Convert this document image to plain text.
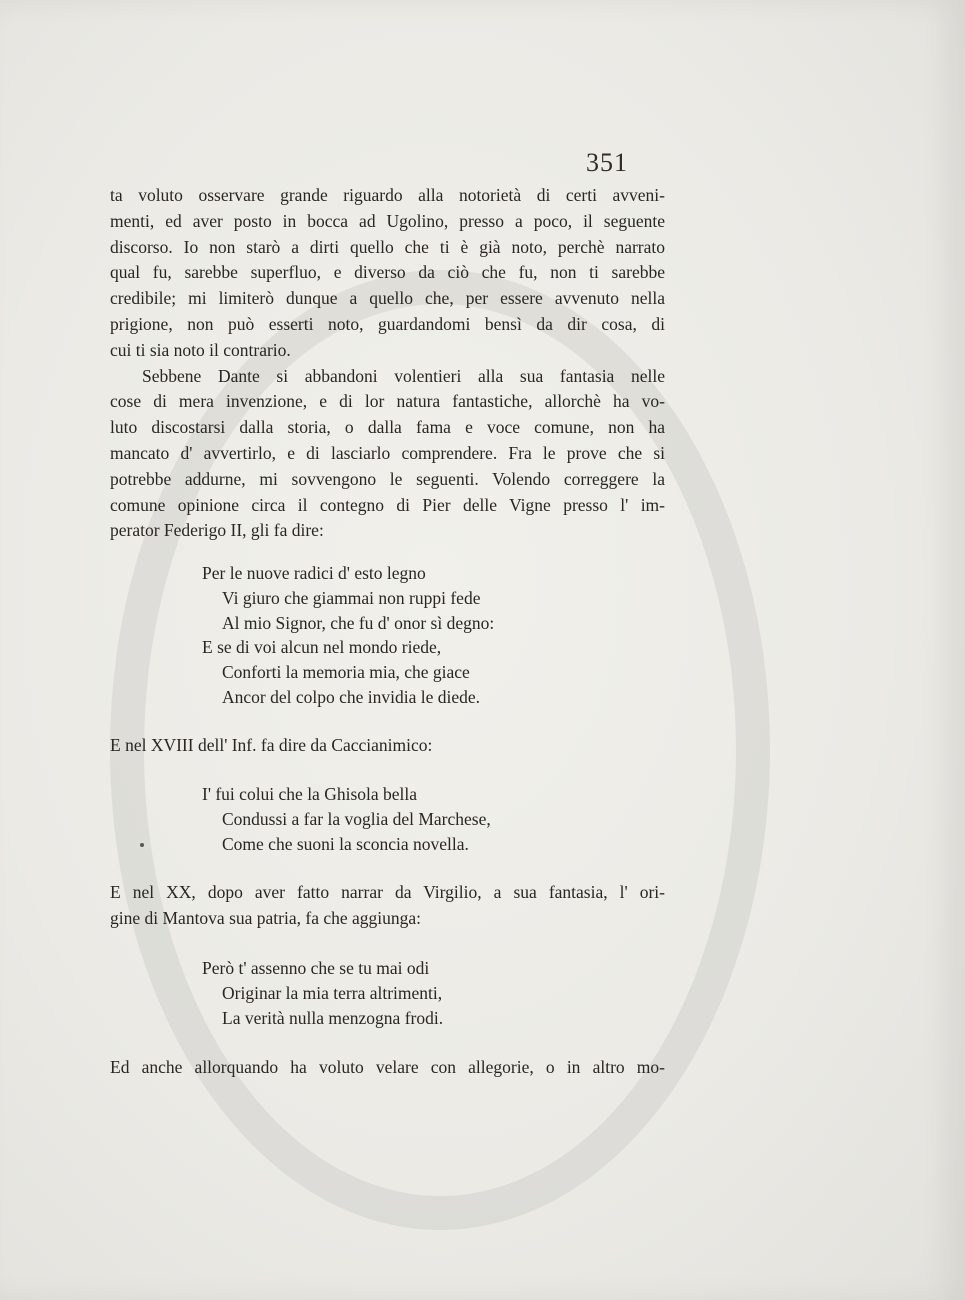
351
ta voluto osservare grande riguardo alla notorietà di certi avveni-
menti, ed aver posto in bocca ad Ugolino, presso a poco, il seguente
discorso. Io non starò a dirti quello che ti è già noto, perchè narrato
qual fu, sarebbe superfluo, e diverso da ciò che fu, non ti sarebbe
credibile; mi limiterò dunque a quello che, per essere avvenuto nella
prigione, non può esserti noto, guardandomi bensì da dir cosa, di
cui ti sia noto il contrario.
Sebbene Dante si abbandoni volentieri alla sua fantasia nelle
cose di mera invenzione, e di lor natura fantastiche, allorchè ha vo-
luto discostarsi dalla storia, o dalla fama e voce comune, non ha
mancato d' avvertirlo, e di lasciarlo comprendere. Fra le prove che si
potrebbe addurne, mi sovvengono le seguenti. Volendo correggere la
comune opinione circa il contegno di Pier delle Vigne presso l' im-
perator Federigo II, gli fa dire:
Per le nuove radici d' esto legno
Vi giuro che giammai non ruppi fede
Al mio Signor, che fu d' onor sì degno:
E se di voi alcun nel mondo riede,
Conforti la memoria mia, che giace
Ancor del colpo che invidia le diede.
E nel XVIII dell' Inf. fa dire da Caccianimico:
I' fui colui che la Ghisola bella
Condussi a far la voglia del Marchese,
Come che suoni la sconcia novella.
E nel XX, dopo aver fatto narrar da Virgilio, a sua fantasia, l' ori-
gine di Mantova sua patria, fa che aggiunga:
Però t' assenno che se tu mai odi
Originar la mia terra altrimenti,
La verità nulla menzogna frodi.
Ed anche allorquando ha voluto velare con allegorie, o in altro mo-
